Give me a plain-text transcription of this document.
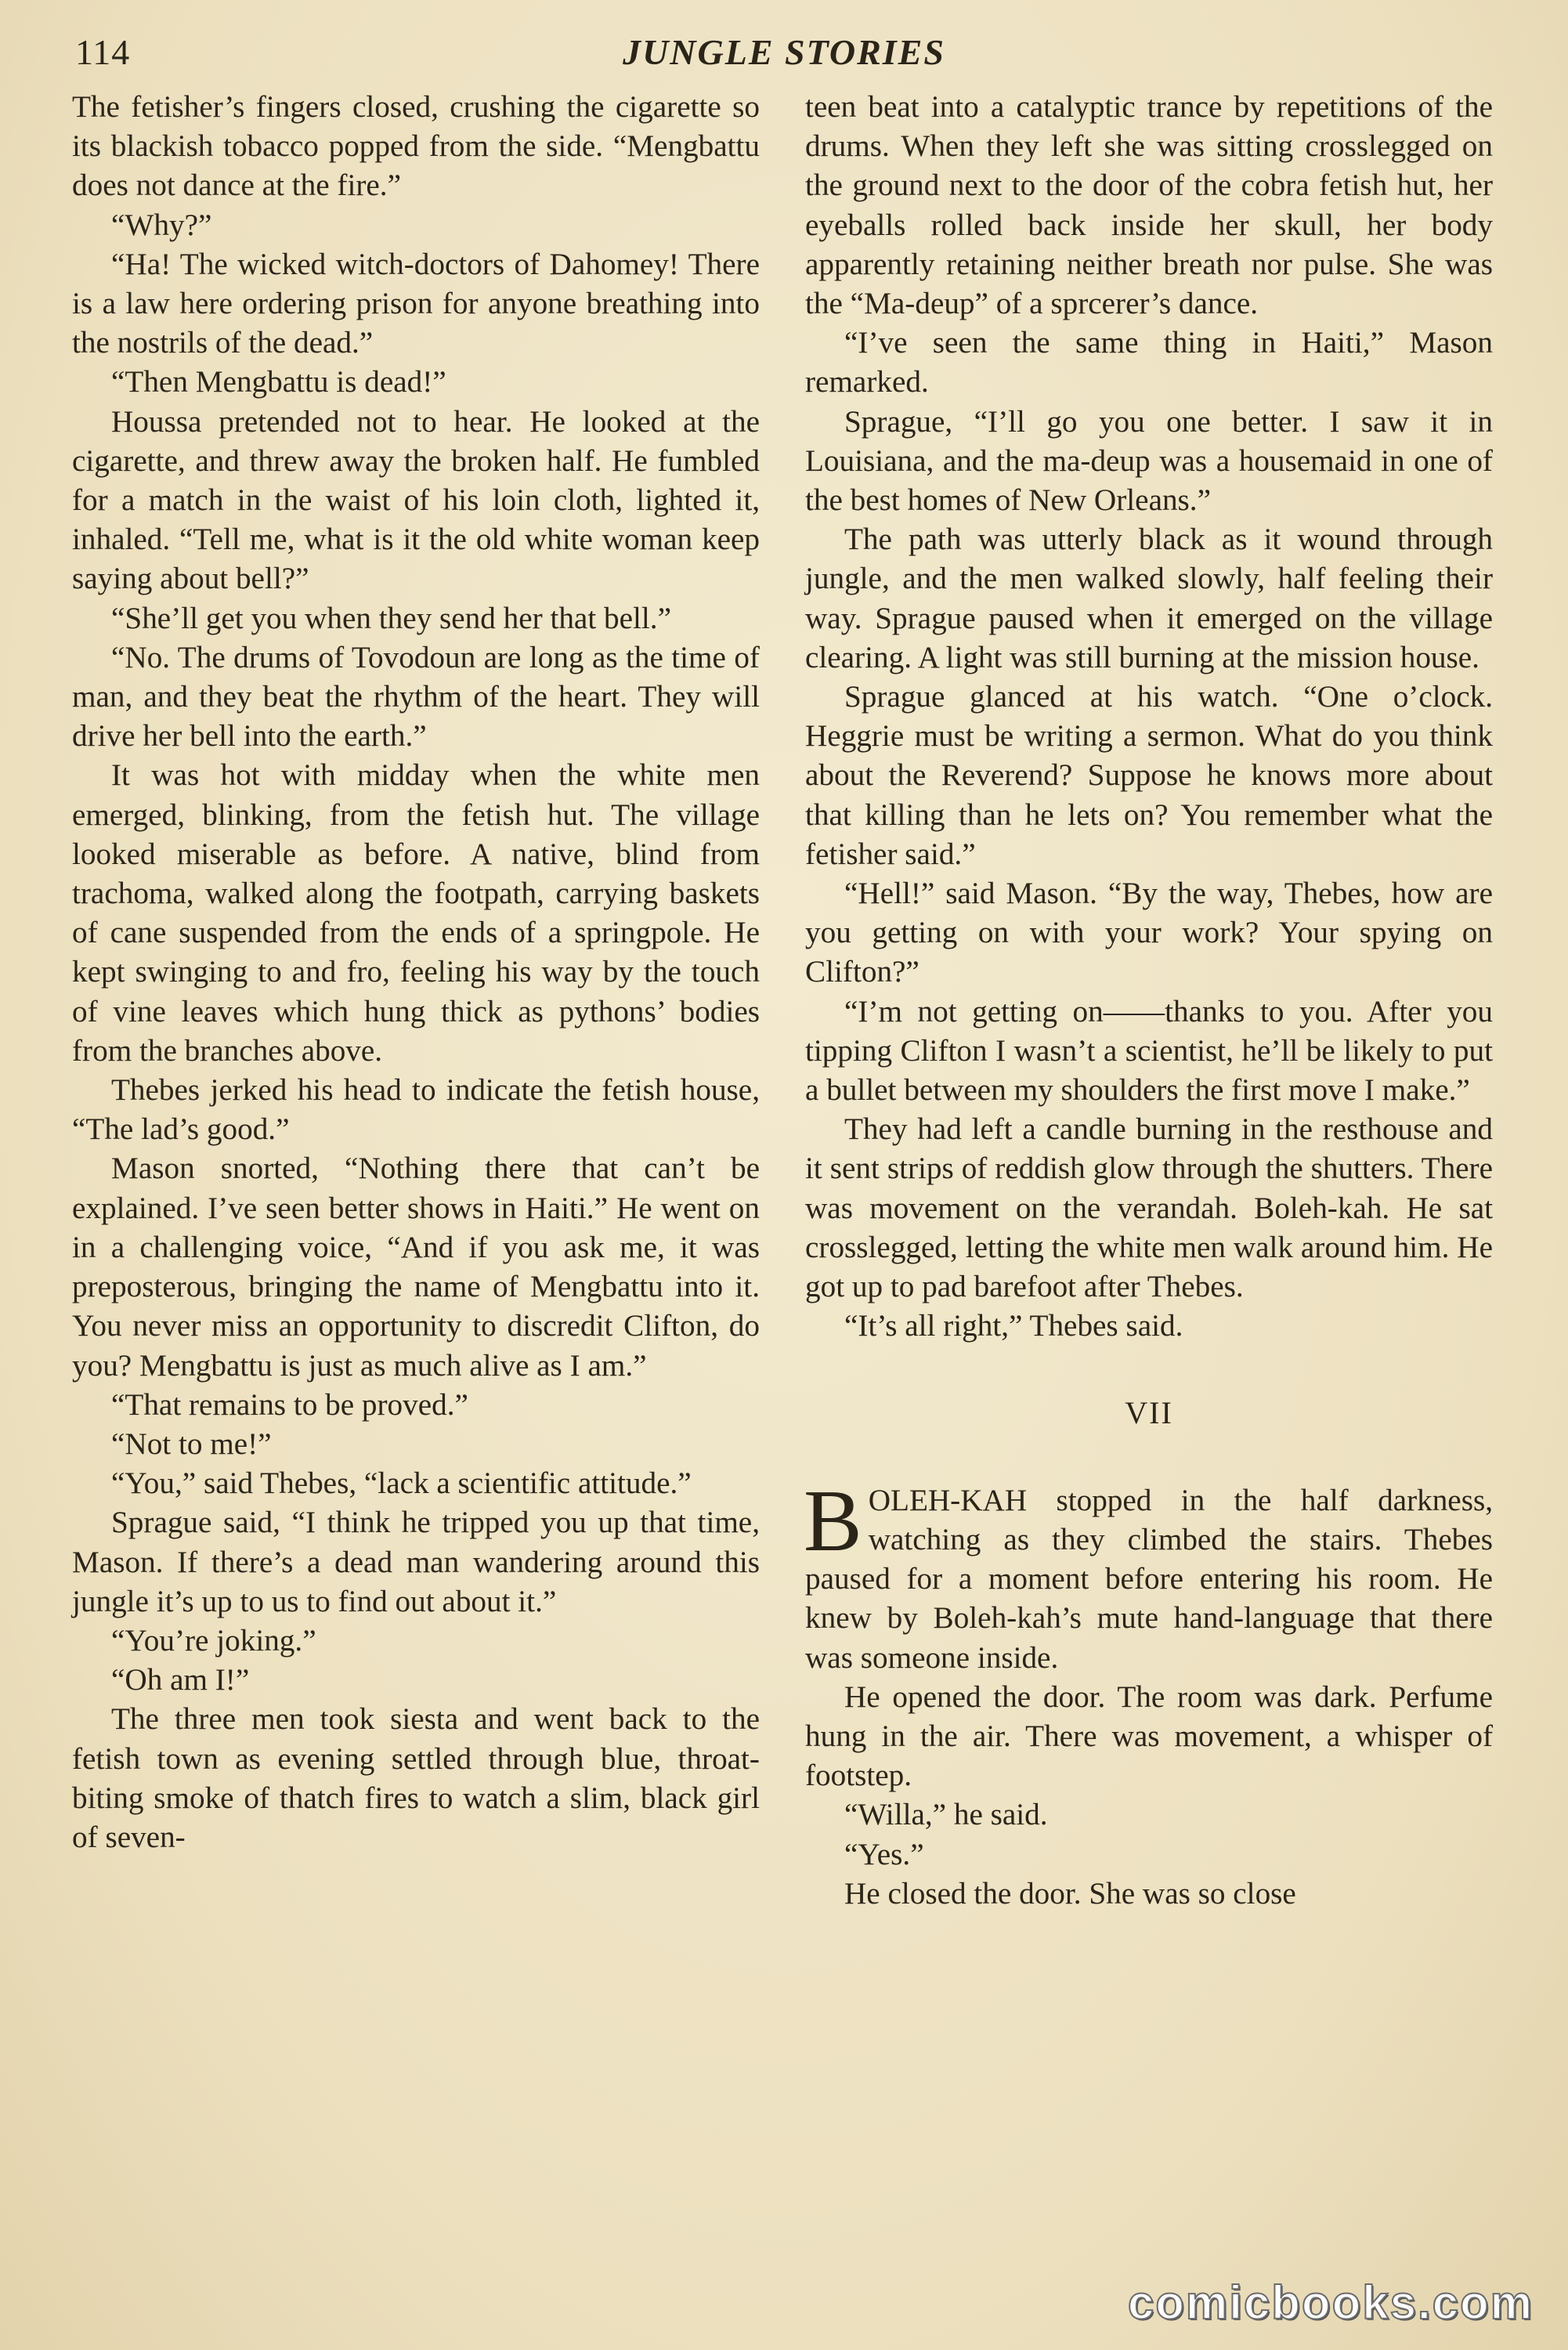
114	JUNGLE STORIES

The fetisher’s fingers closed, crushing the cigarette so its blackish tobacco popped from the side. “Mengbattu does not dance at the fire.”

“Why?”

“Ha! The wicked witch-doctors of Dahomey! There is a law here ordering prison for anyone breathing into the nostrils of the dead.”

“Then Mengbattu is dead!”

Houssa pretended not to hear. He looked at the cigarette, and threw away the broken half. He fumbled for a match in the waist of his loin cloth, lighted it, inhaled. “Tell me, what is it the old white woman keep saying about bell?”

“She’ll get you when they send her that bell.”

“No. The drums of Tovodoun are long as the time of man, and they beat the rhythm of the heart. They will drive her bell into the earth.”

It was hot with midday when the white men emerged, blinking, from the fetish hut. The village looked miserable as before. A native, blind from trachoma, walked along the footpath, carrying baskets of cane suspended from the ends of a springpole. He kept swinging to and fro, feeling his way by the touch of vine leaves which hung thick as pythons’ bodies from the branches above.

Thebes jerked his head to indicate the fetish house, “The lad’s good.”

Mason snorted, “Nothing there that can’t be explained. I’ve seen better shows in Haiti.” He went on in a challenging voice, “And if you ask me, it was preposterous, bringing the name of Mengbattu into it. You never miss an opportunity to discredit Clifton, do you? Mengbattu is just as much alive as I am.”

“That remains to be proved.”

“Not to me!”

“You,” said Thebes, “lack a scientific attitude.”

Sprague said, “I think he tripped you up that time, Mason. If there’s a dead man wandering around this jungle it’s up to us to find out about it.”

“You’re joking.”

“Oh am I!”

The three men took siesta and went back to the fetish town as evening settled through blue, throat-biting smoke of thatch fires to watch a slim, black girl of seven-

teen beat into a catalyptic trance by repetitions of the drums. When they left she was sitting crosslegged on the ground next to the door of the cobra fetish hut, her eyeballs rolled back inside her skull, her body apparently retaining neither breath nor pulse. She was the “Ma-deup” of a sprcerer’s dance.

“I’ve seen the same thing in Haiti,” Mason remarked.

Sprague, “I’ll go you one better. I saw it in Louisiana, and the ma-deup was a housemaid in one of the best homes of New Orleans.”

The path was utterly black as it wound through jungle, and the men walked slowly, half feeling their way. Sprague paused when it emerged on the village clearing. A light was still burning at the mission house.

Sprague glanced at his watch. “One o’clock. Heggrie must be writing a sermon. What do you think about the Reverend? Suppose he knows more about that killing than he lets on? You remember what the fetisher said.”

“Hell!” said Mason. “By the way, Thebes, how are you getting on with your work? Your spying on Clifton?”

“I’m not getting on——thanks to you. After you tipping Clifton I wasn’t a scientist, he’ll be likely to put a bullet between my shoulders the first move I make.”

They had left a candle burning in the resthouse and it sent strips of reddish glow through the shutters. There was movement on the verandah. Boleh-kah. He sat crosslegged, letting the white men walk around him. He got up to pad barefoot after Thebes.

“It’s all right,” Thebes said.

VII

BOLEH-KAH stopped in the half darkness, watching as they climbed the stairs. Thebes paused for a moment before entering his room. He knew by Boleh-kah’s mute hand-language that there was someone inside.

He opened the door. The room was dark. Perfume hung in the air. There was movement, a whisper of footstep.

“Willa,” he said.

“Yes.”

He closed the door. She was so close

comicbooks.com
